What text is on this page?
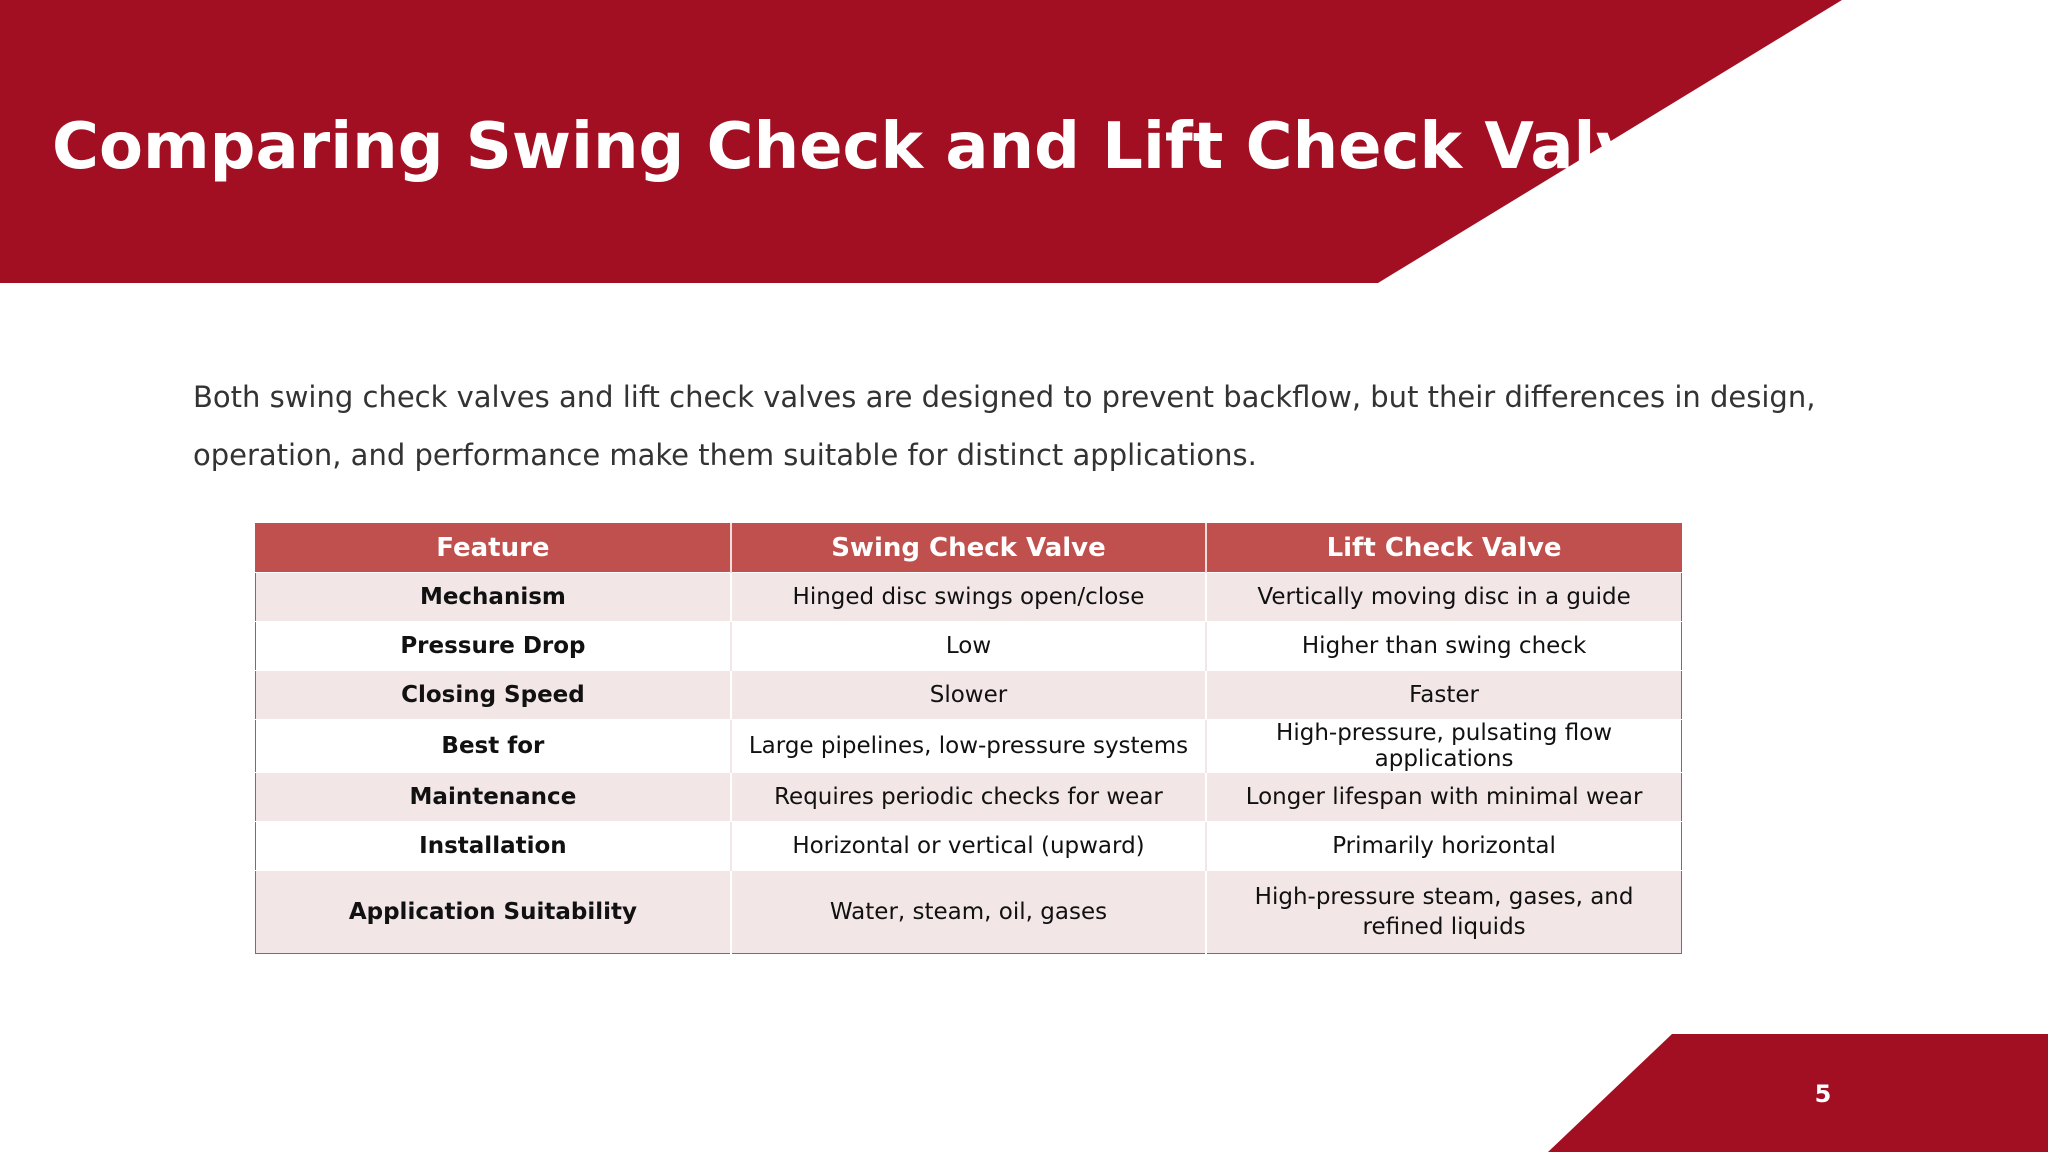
Comparing Swing Check and Lift Check Valves

Both swing check valves and lift check valves are designed to prevent backflow, but their differences in design, operation, and performance make them suitable for distinct applications.

Feature	Swing Check Valve	Lift Check Valve
Mechanism	Hinged disc swings open/close	Vertically moving disc in a guide
Pressure Drop	Low	Higher than swing check
Closing Speed	Slower	Faster
Best for	Large pipelines, low-pressure systems	High-pressure, pulsating flow applications
Maintenance	Requires periodic checks for wear	Longer lifespan with minimal wear
Installation	Horizontal or vertical (upward)	Primarily horizontal
Application Suitability	Water, steam, oil, gases	High-pressure steam, gases, and refined liquids
5
